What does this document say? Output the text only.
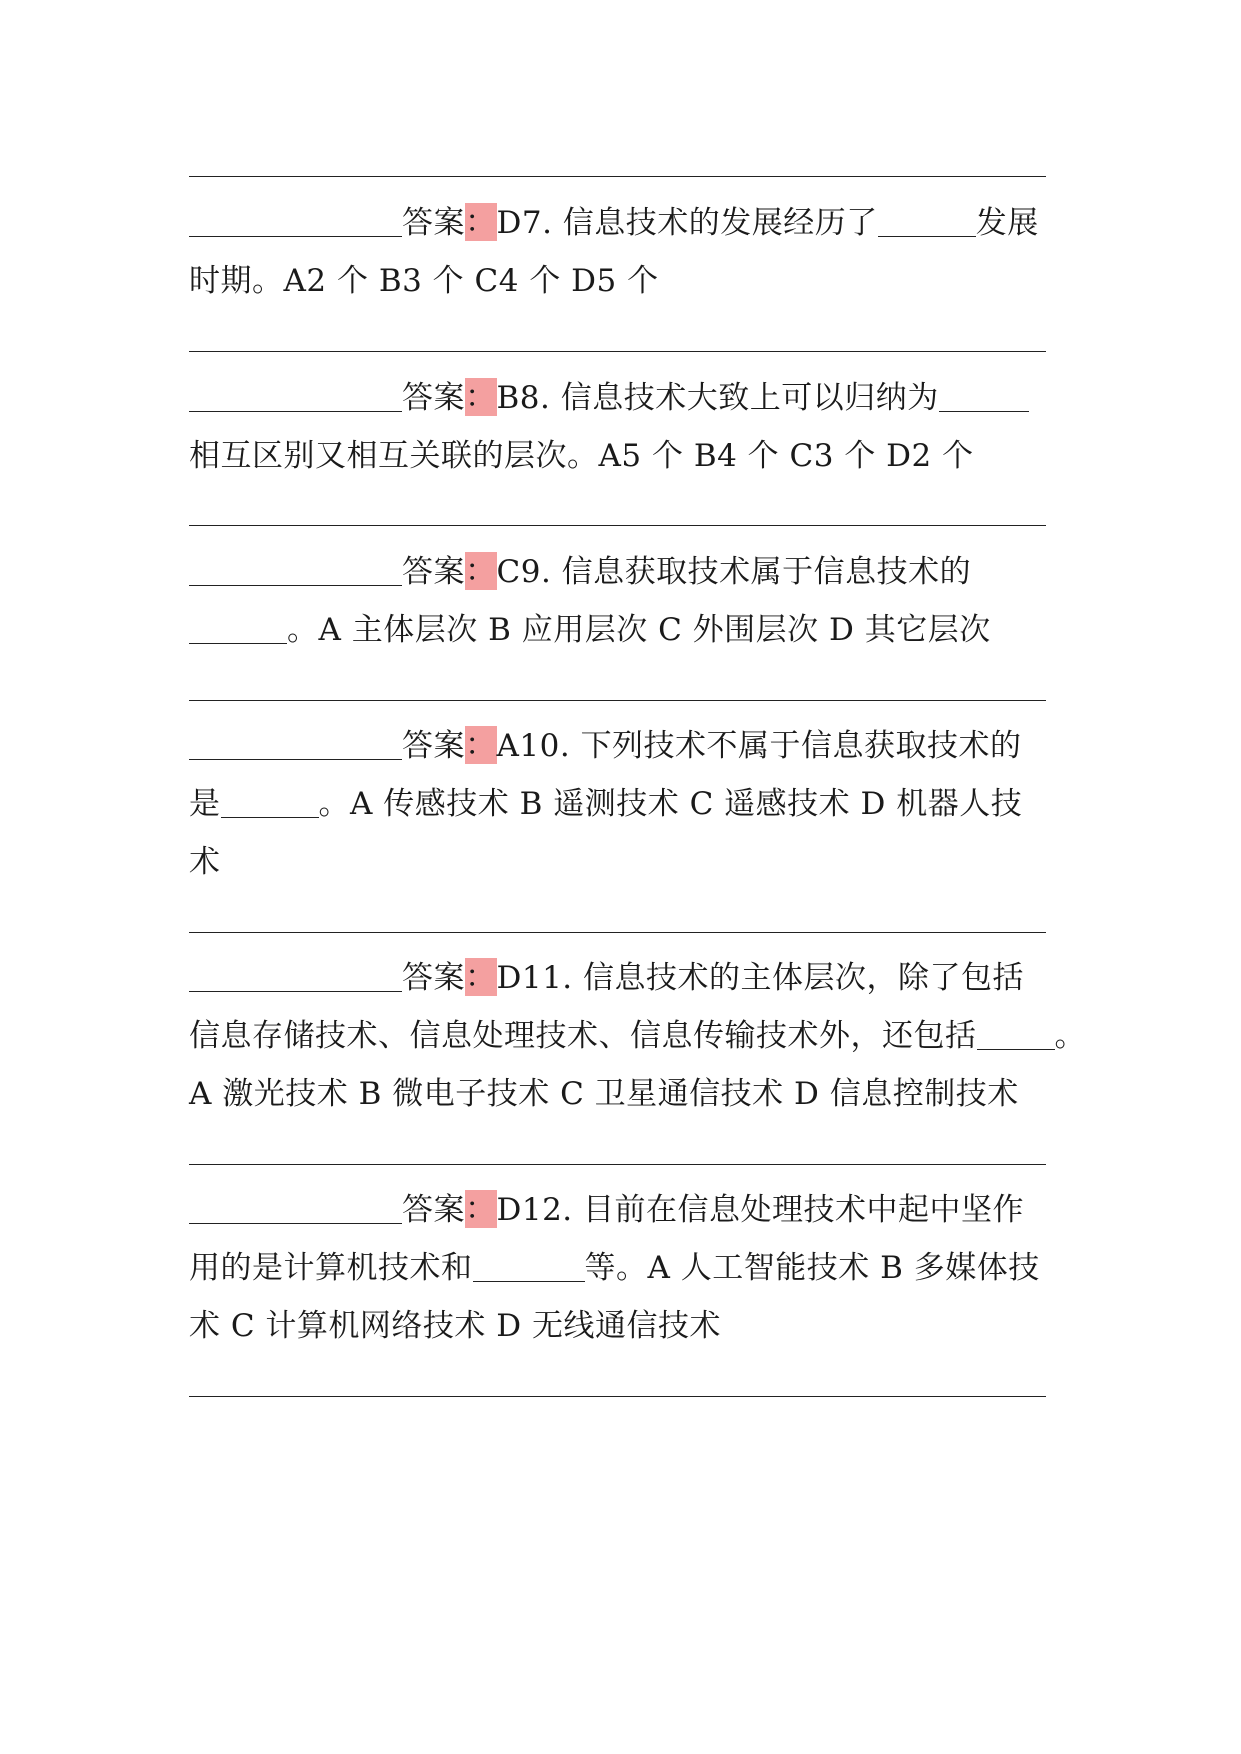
答案：D7. 信息技术的发展经历了	发展
时期。A2 个 B3 个 C4 个 D5 个
答案：B8. 信息技术大致上可以归纳为
相互区别又相互关联的层次。A5 个 B4 个 C3 个 D2 个
答案：C9. 信息获取技术属于信息技术的
。A 主体层次 B 应用层次 C 外围层次 D 其它层次
答案：A10. 下列技术不属于信息获取技术的
是	。A 传感技术 B 遥测技术 C 遥感技术 D 机器人技
术
答案：D11. 信息技术的主体层次，除了包括
信息存储技术、信息处理技术、信息传输技术外，还包括	。
A 激光技术 B 微电子技术 C 卫星通信技术 D 信息控制技术
答案：D12. 目前在信息处理技术中起中坚作
用的是计算机技术和	等。A 人工智能技术 B 多媒体技
术 C 计算机网络技术 D 无线通信技术
